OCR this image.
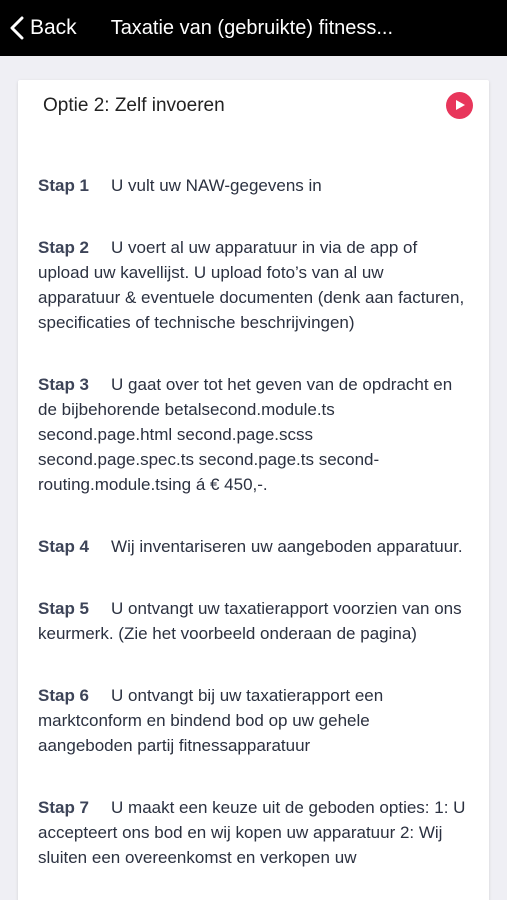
Back Taxatie van (gebruikte) fitness...
Optie 2: Zelf invoeren

Stap 1 U vult uw NAW-gegevens in

Stap 2 U voert al uw apparatuur in via de app of upload uw kavellijst. U upload foto’s van al uw apparatuur & eventuele documenten (denk aan facturen, specificaties of technische beschrijvingen)

Stap 3 U gaat over tot het geven van de opdracht en de bijbehorende betalsecond.module.ts second.page.html second.page.scss second.page.spec.ts second.page.ts second-routing.module.tsing á € 450,-.

Stap 4 Wij inventariseren uw aangeboden apparatuur.

Stap 5 U ontvangt uw taxatierapport voorzien van ons keurmerk. (Zie het voorbeeld onderaan de pagina)

Stap 6 U ontvangt bij uw taxatierapport een marktconform en bindend bod op uw gehele aangeboden partij fitnessapparatuur

Stap 7 U maakt een keuze uit de geboden opties: 1: U accepteert ons bod en wij kopen uw apparatuur 2: Wij sluiten een overeenkomst en verkopen uw
